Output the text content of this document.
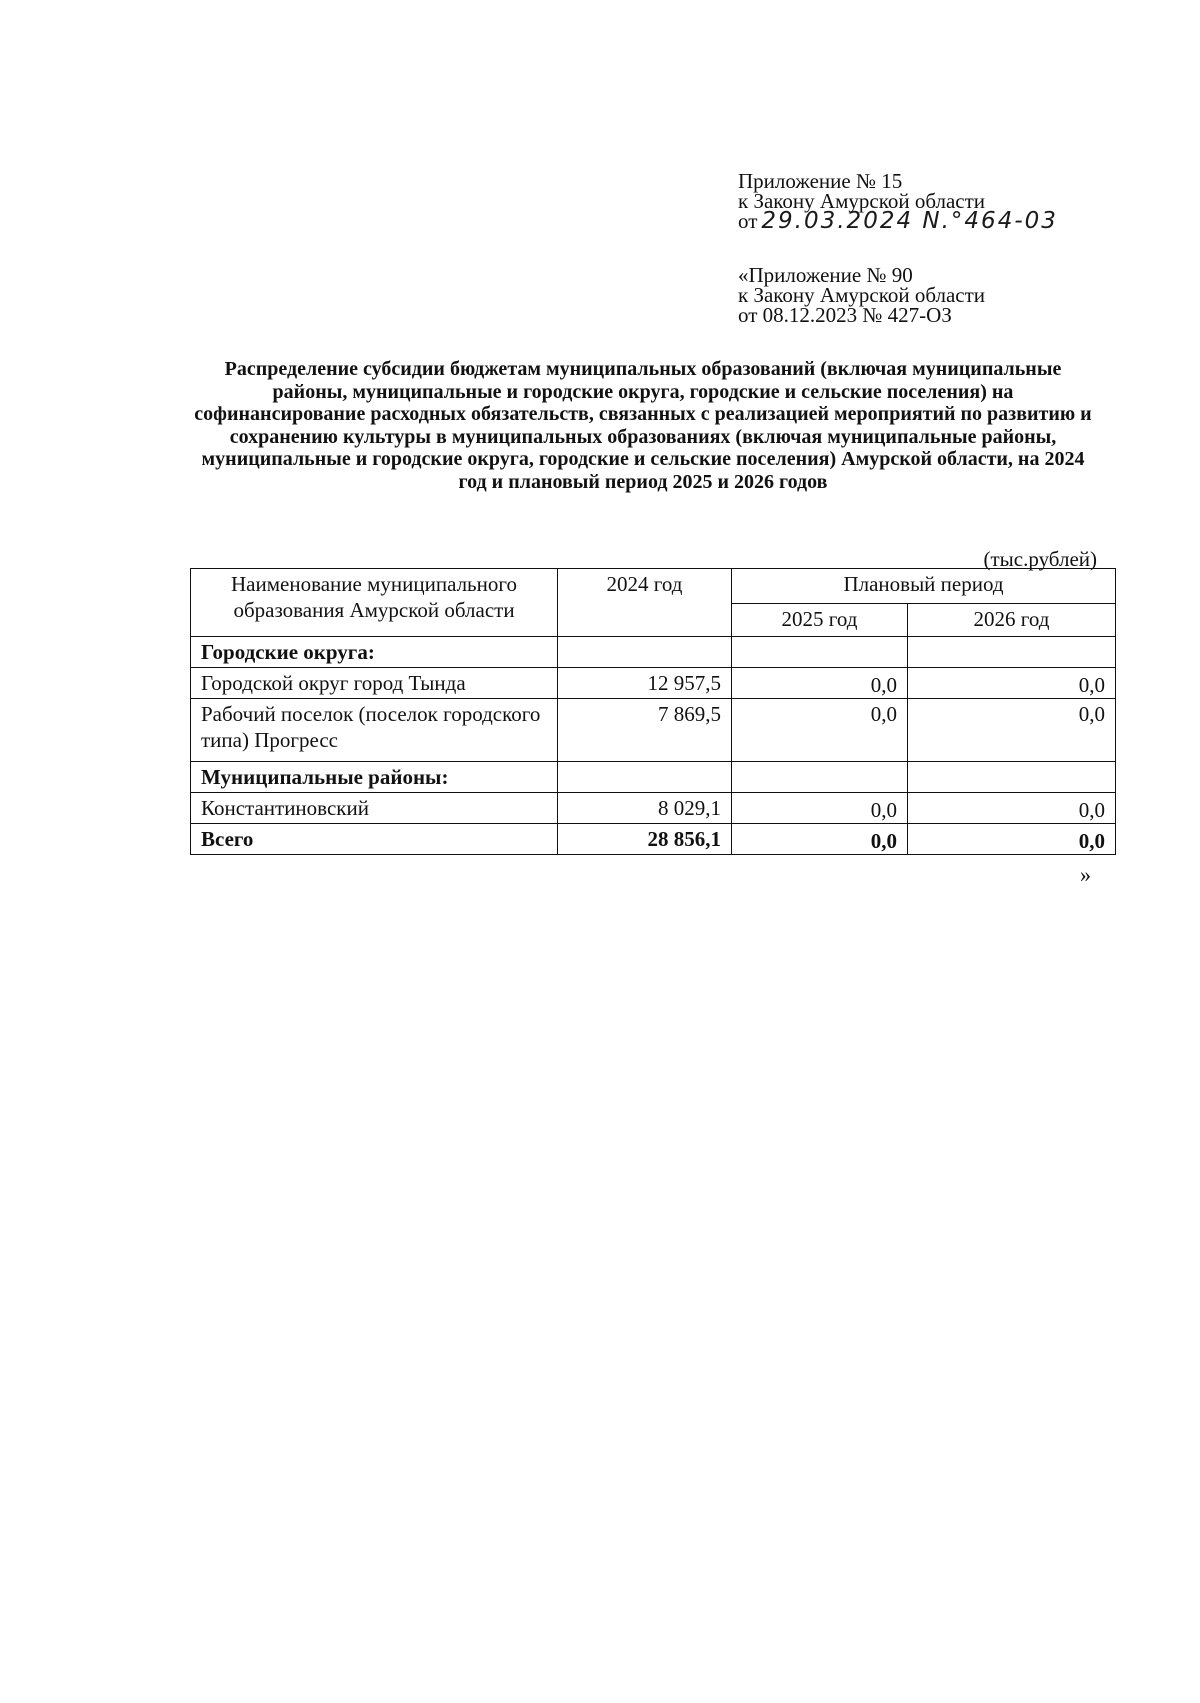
Приложение № 15
к Закону Амурской области
от 29.03.2024 N.°464-03
«Приложение № 90
к Закону Амурской области
от 08.12.2023 № 427-ОЗ
Распределение субсидии бюджетам муниципальных образований (включая муниципальные районы, муниципальные и городские округа, городские и сельские поселения) на софинансирование расходных обязательств, связанных с реализацией мероприятий по развитию и сохранению культуры в муниципальных образованиях (включая муниципальные районы, муниципальные и городские округа, городские и сельские поселения) Амурской области, на 2024 год и плановый период 2025 и 2026 годов
(тыс.рублей)
Наименование муниципального образования Амурской области	2024 год	Плановый период	
		2025 год	2026 год
Городские округа:			
Городской округ город Тында	12 957,5	0,0	0,0
Рабочий поселок (поселок городского типа) Прогресс	7 869,5	0,0	0,0
Муниципальные районы:			
Константиновский	8 029,1	0,0	0,0
Всего	28 856,1	0,0	0,0
»
